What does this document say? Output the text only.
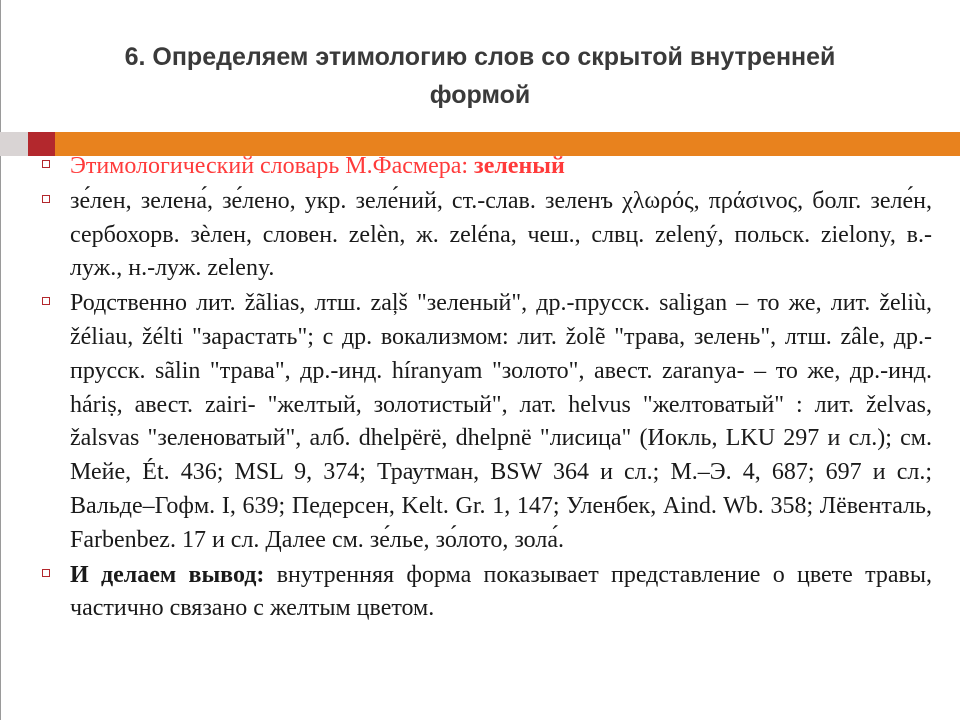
6. Определяем этимологию слов со скрытой внутренней
формой
Этимологический словарь М.Фасмера: зеленый
зе́лен, зелена́, зе́лено, укр. зеле́ний, ст.-слав. зеленъ χλωρός, πράσινος, болг. зеле́н, сербохорв. зѐлен, словен. zelèn, ж. zeléna, чеш., слвц. zelený, польск. zielony, в.-луж., н.-луж. zeleny.
Родственно лит. žãlias, лтш. zaļš "зеленый", др.-прусск. saligan – то же, лит. želiù, žélіau, žélti "зарастать"; с др. вокализмом: лит. žolẽ "трава, зелень", лтш. zâle, др.-прусск. sãlin "трава", др.-инд. híranyam "золото", авест. zaranya- – то же, др.-инд. háriṣ, авест. zairi- "желтый, золотистый", лат. helvus "желтоватый" : лит. želvas, žalsvas "зеленоватый", алб. dhelpërë, dhelpnë "лисица" (Иокль, LKU 297 и сл.); см. Мейе, Ét. 436; MSL 9, 374; Траутман, BSW 364 и сл.; М.–Э. 4, 687; 697 и сл.; Вальде–Гофм. I, 639; Педерсен, Kelt. Gr. 1, 147; Уленбек, Aind. Wb. 358; Лёвенталь, Farbenbez. 17 и сл. Далее см. зе́лье, зо́лото, зола́.
И делаем вывод: внутренняя форма показывает представление о цвете травы, частично связано с желтым цветом.
